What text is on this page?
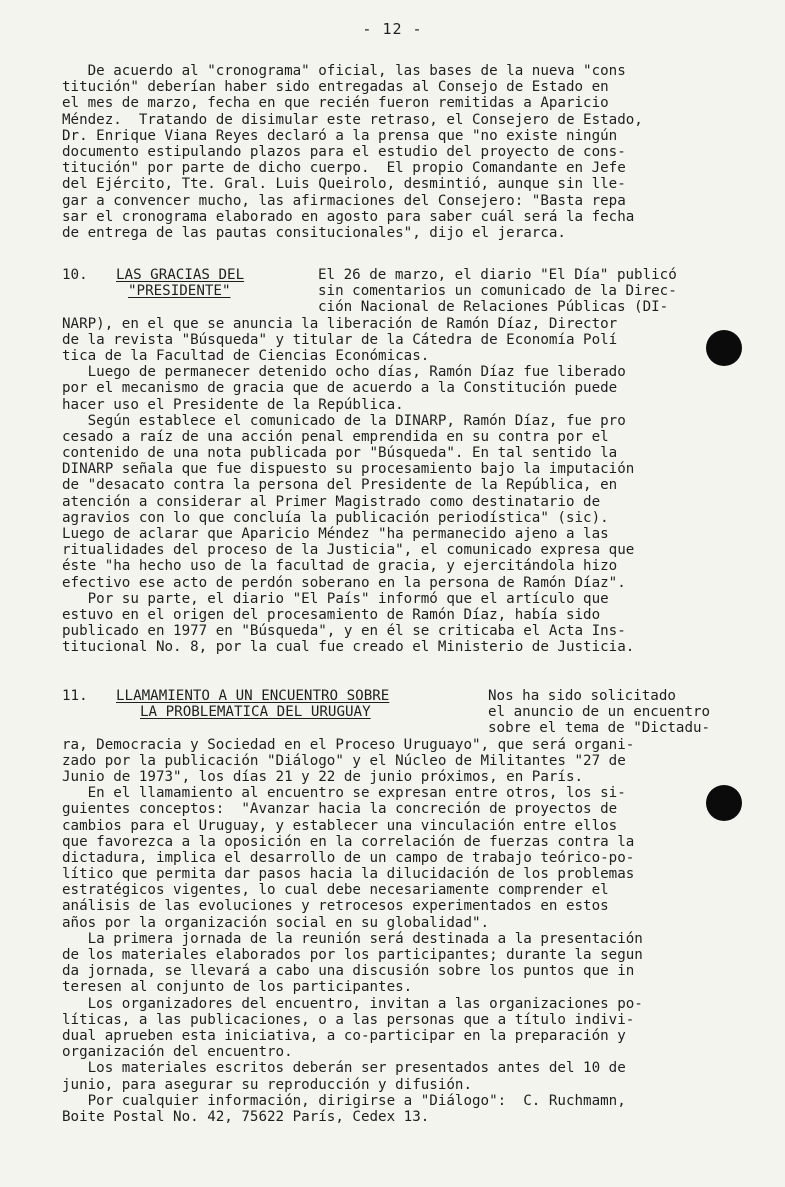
- 12 -
De acuerdo al "cronograma" oficial, las bases de la nueva "cons
titución" deberían haber sido entregadas al Consejo de Estado en
el mes de marzo, fecha en que recién fueron remitidas a Aparicio
Méndez.  Tratando de disimular este retraso, el Consejero de Estado,
Dr. Enrique Viana Reyes declaró a la prensa que "no existe ningún
documento estipulando plazos para el estudio del proyecto de cons-
titución" por parte de dicho cuerpo.  El propio Comandante en Jefe
del Ejército, Tte. Gral. Luis Queirolo, desmintió, aunque sin lle-
gar a convencer mucho, las afirmaciones del Consejero: "Basta repa
sar el cronograma elaborado en agosto para saber cuál será la fecha
de entrega de las pautas consitucionales", dijo el jerarca.
10. LAS GRACIAS DEL
"PRESIDENTE"
El 26 de marzo, el diario "El Día" publicó
sin comentarios un comunicado de la Direc-
ción Nacional de Relaciones Públicas (DI-
NARP), en el que se anuncia la liberación de Ramón Díaz, Director
de la revista "Búsqueda" y titular de la Cátedra de Economía Polí
tica de la Facultad de Ciencias Económicas.
Luego de permanecer detenido ocho días, Ramón Díaz fue liberado
por el mecanismo de gracia que de acuerdo a la Constitución puede
hacer uso el Presidente de la República.
Según establece el comunicado de la DINARP, Ramón Díaz, fue pro
cesado a raíz de una acción penal emprendida en su contra por el
contenido de una nota publicada por "Búsqueda". En tal sentido la
DINARP señala que fue dispuesto su procesamiento bajo la imputación
de "desacato contra la persona del Presidente de la República, en
atención a considerar al Primer Magistrado como destinatario de
agravios con lo que concluía la publicación periodística" (sic).
Luego de aclarar que Aparicio Méndez "ha permanecido ajeno a las
ritualidades del proceso de la Justicia", el comunicado expresa que
éste "ha hecho uso de la facultad de gracia, y ejercitándola hizo
efectivo ese acto de perdón soberano en la persona de Ramón Díaz".
Por su parte, el diario "El País" informó que el artículo que
estuvo en el origen del procesamiento de Ramón Díaz, había sido
publicado en 1977 en "Búsqueda", y en él se criticaba el Acta Ins-
titucional No. 8, por la cual fue creado el Ministerio de Justicia.
11. LLAMAMIENTO A UN ENCUENTRO SOBRE
LA PROBLEMATICA DEL URUGUAY
Nos ha sido solicitado
el anuncio de un encuentro
sobre el tema de "Dictadu-
ra, Democracia y Sociedad en el Proceso Uruguayo", que será organi-
zado por la publicación "Diálogo" y el Núcleo de Militantes "27 de
Junio de 1973", los días 21 y 22 de junio próximos, en París.
En el llamamiento al encuentro se expresan entre otros, los si-
guientes conceptos:  "Avanzar hacia la concreción de proyectos de
cambios para el Uruguay, y establecer una vinculación entre ellos
que favorezca a la oposición en la correlación de fuerzas contra la
dictadura, implica el desarrollo de un campo de trabajo teórico-po-
lítico que permita dar pasos hacia la dilucidación de los problemas
estratégicos vigentes, lo cual debe necesariamente comprender el
análisis de las evoluciones y retrocesos experimentados en estos
años por la organización social en su globalidad".
La primera jornada de la reunión será destinada a la presentación
de los materiales elaborados por los participantes; durante la segun
da jornada, se llevará a cabo una discusión sobre los puntos que in
teresen al conjunto de los participantes.
Los organizadores del encuentro, invitan a las organizaciones po-
líticas, a las publicaciones, o a las personas que a título indivi-
dual aprueben esta iniciativa, a co-participar en la preparación y
organización del encuentro.
Los materiales escritos deberán ser presentados antes del 10 de
junio, para asegurar su reproducción y difusión.
Por cualquier información, dirigirse a "Diálogo":  C. Ruchmamn,
Boite Postal No. 42, 75622 París, Cedex 13.
